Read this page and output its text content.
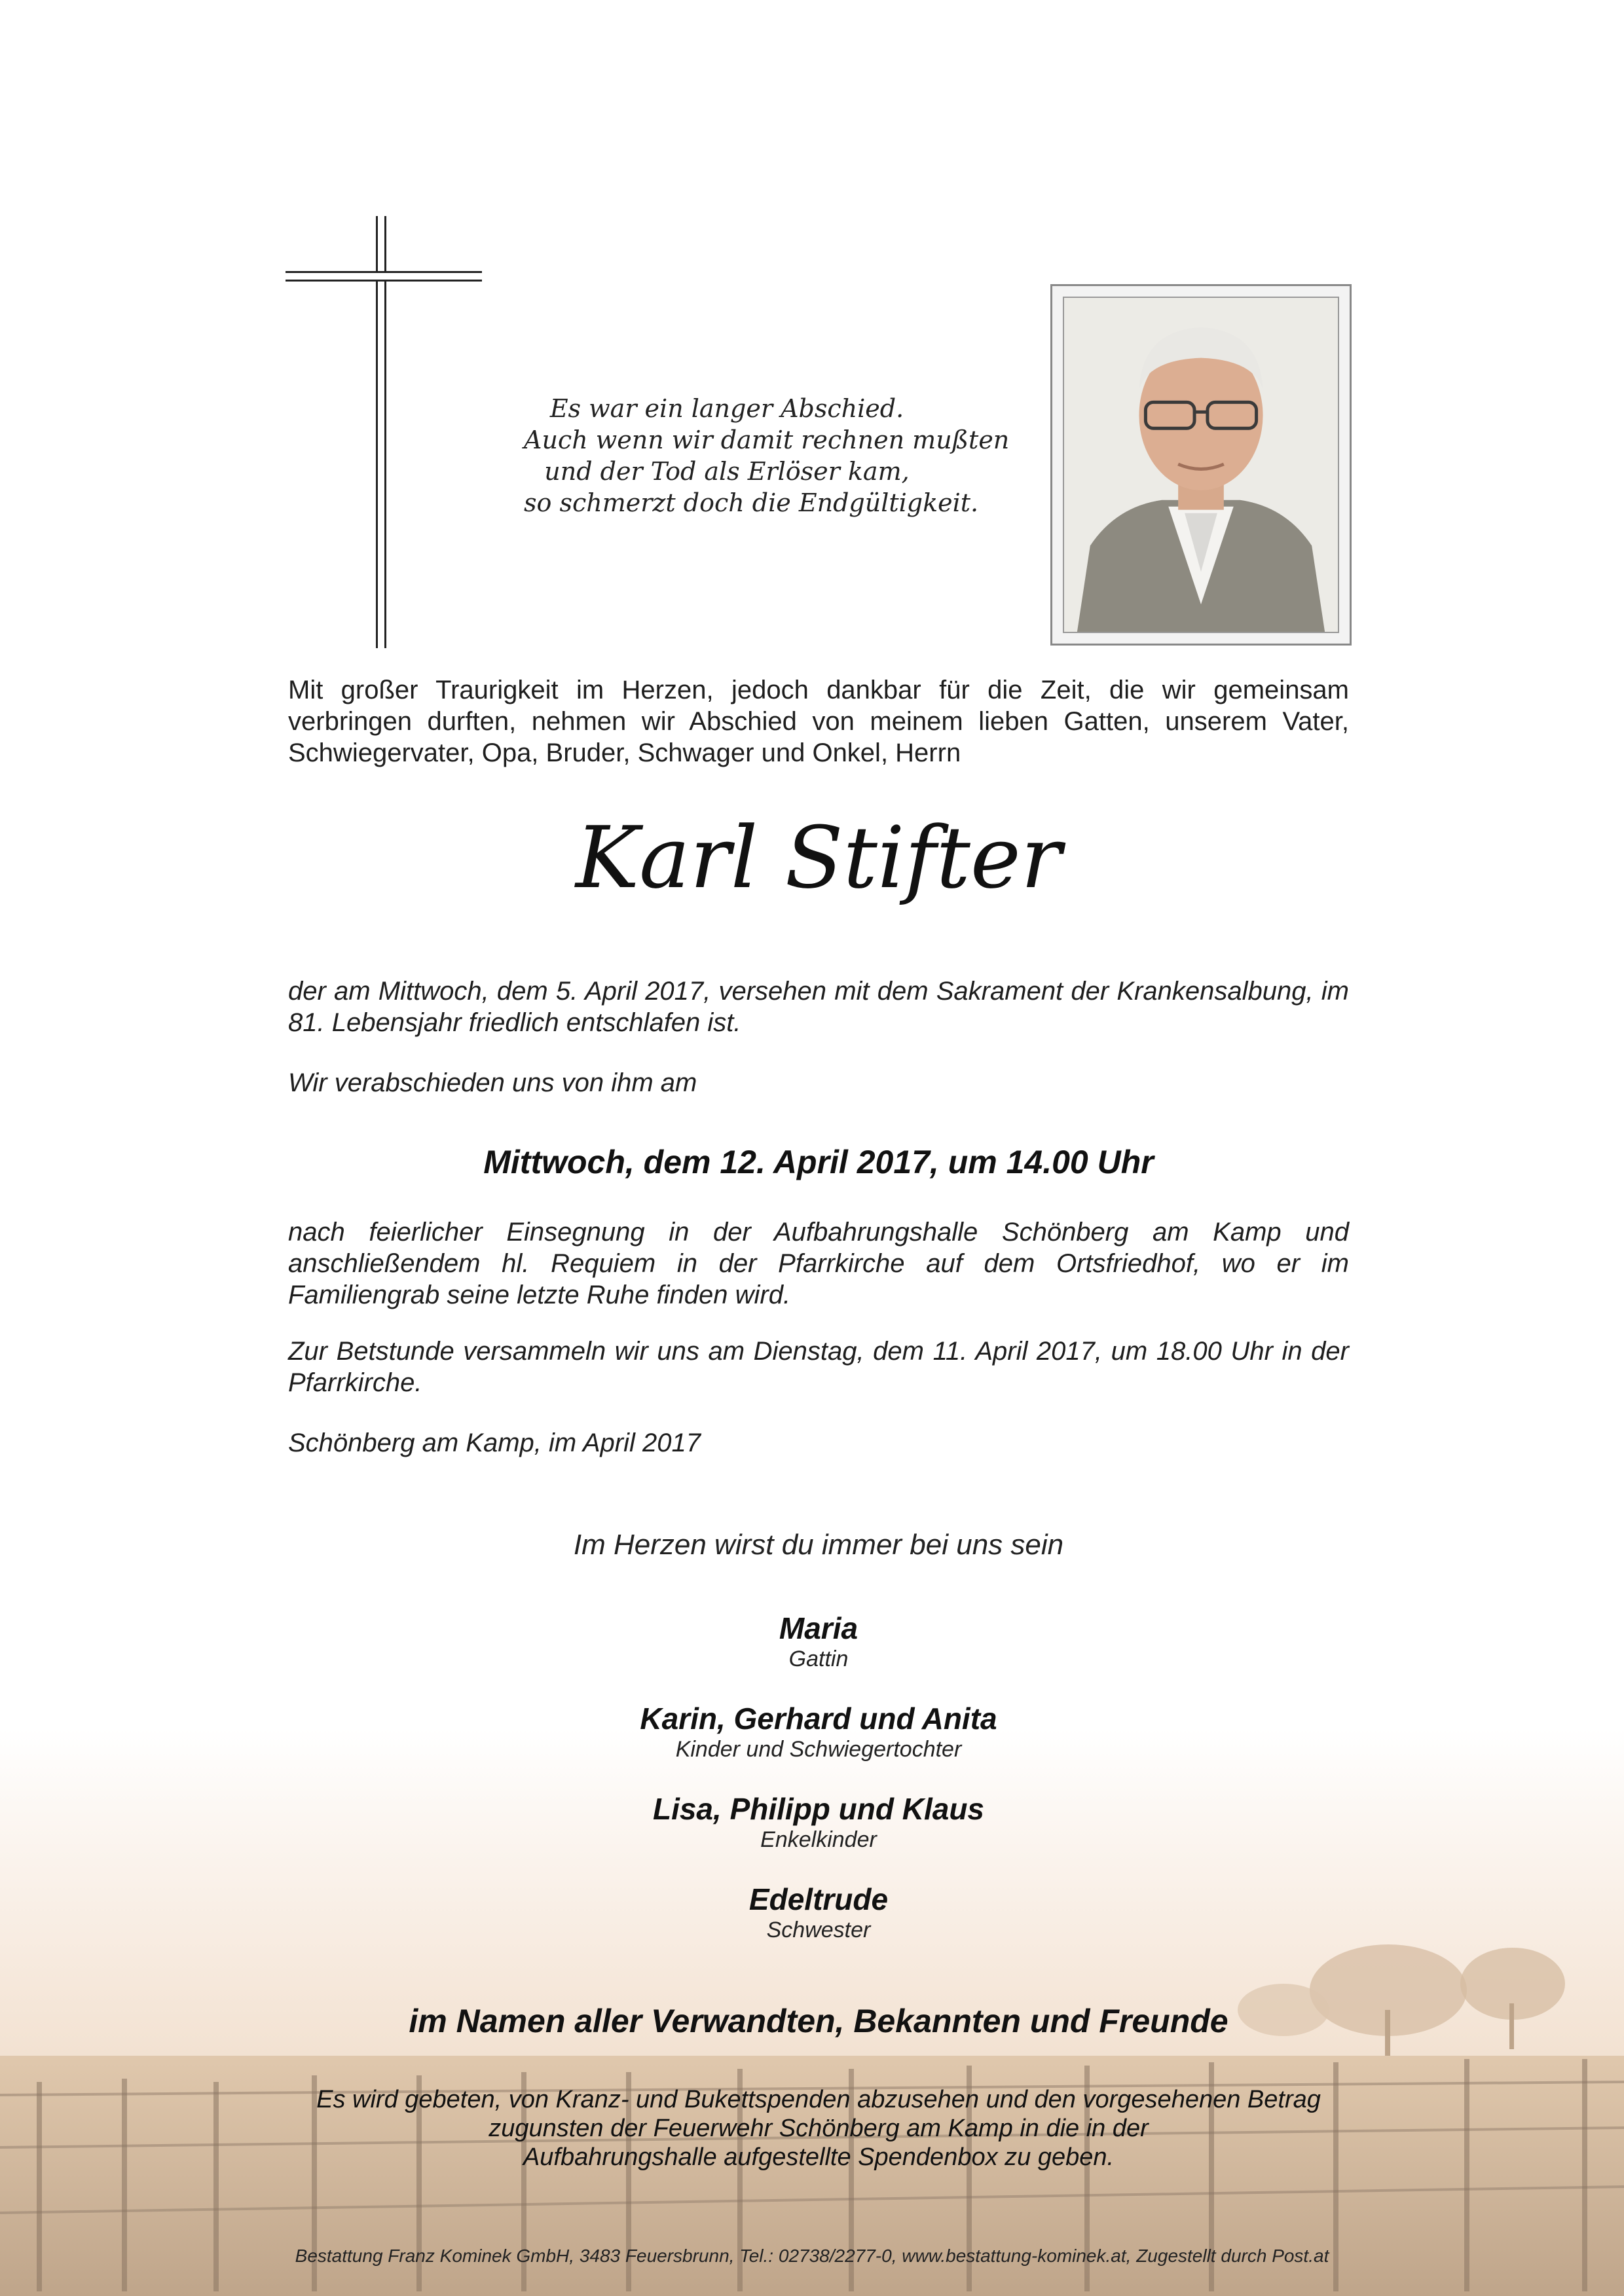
Es war ein langer Abschied.
Auch wenn wir damit rechnen mußten
und der Tod als Erlöser kam,
so schmerzt doch die Endgültigkeit.
Mit großer Traurigkeit im Herzen, jedoch dankbar für die Zeit, die wir gemeinsam verbringen durften, nehmen wir Abschied von meinem lieben Gatten, unserem Vater, Schwiegervater, Opa, Bruder, Schwager und Onkel, Herrn
Karl Stifter
der am Mittwoch, dem 5. April 2017, versehen mit dem Sakrament der Krankensalbung, im 81. Lebensjahr friedlich entschlafen ist.
Wir verabschieden uns von ihm am
Mittwoch, dem 12. April 2017, um 14.00 Uhr
nach feierlicher Einsegnung in der Aufbahrungshalle Schönberg am Kamp und anschließendem hl. Requiem in der Pfarrkirche auf dem Ortsfriedhof, wo er im Familiengrab seine letzte Ruhe finden wird.
Zur Betstunde versammeln wir uns am Dienstag, dem 11. April 2017, um 18.00 Uhr in der Pfarrkirche.
Schönberg am Kamp, im April 2017
Im Herzen wirst du immer bei uns sein
Maria
Gattin
Karin, Gerhard und Anita
Kinder und Schwiegertochter
Lisa, Philipp und Klaus
Enkelkinder
Edeltrude
Schwester
im Namen aller Verwandten, Bekannten und Freunde
Es wird gebeten, von Kranz- und Bukettspenden abzusehen und den vorgesehenen Betrag
zugunsten der Feuerwehr Schönberg am Kamp in die in der
Aufbahrungshalle aufgestellte Spendenbox zu geben.
Bestattung Franz Kominek GmbH, 3483 Feuersbrunn, Tel.: 02738/2277-0, www.bestattung-kominek.at, Zugestellt durch Post.at
